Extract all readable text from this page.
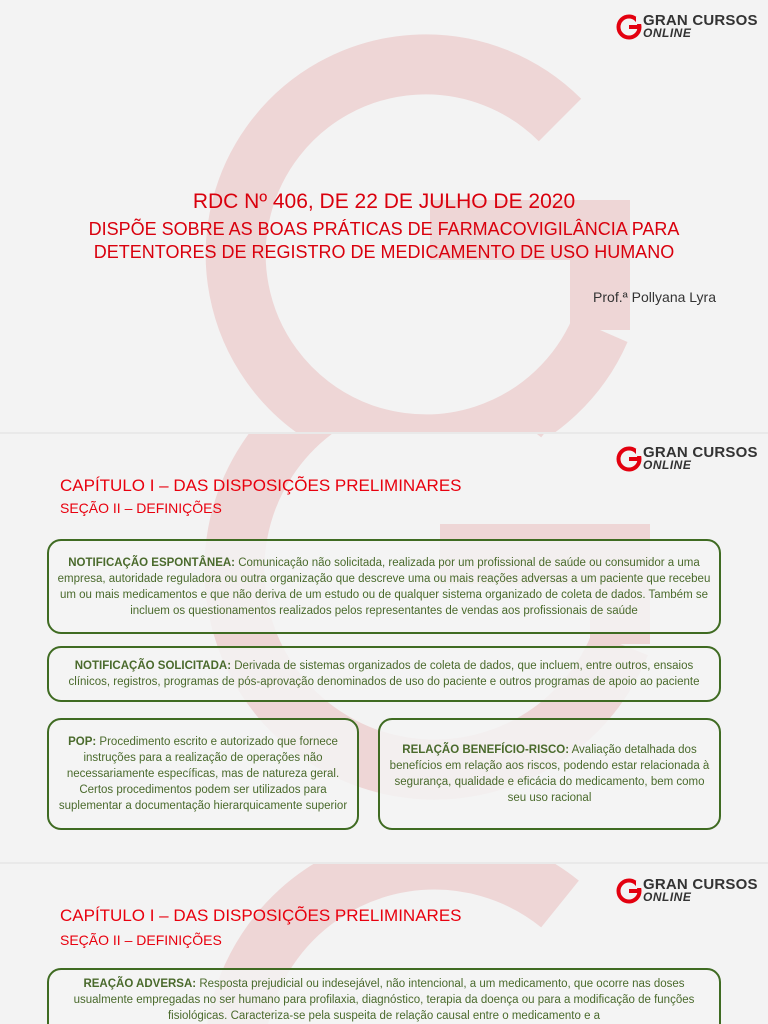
GRAN CURSOS
ONLINE
RDC Nº 406, DE 22 DE JULHO DE 2020
DISPÕE SOBRE AS BOAS PRÁTICAS DE FARMACOVIGILÂNCIA PARA DETENTORES DE REGISTRO DE MEDICAMENTO DE USO HUMANO
Prof.ª Pollyana Lyra
GRAN CURSOS
ONLINE
CAPÍTULO I – DAS DISPOSIÇÕES PRELIMINARES
SEÇÃO II – DEFINIÇÕES
NOTIFICAÇÃO ESPONTÂNEA: Comunicação não solicitada, realizada por um profissional de saúde ou consumidor a uma empresa, autoridade reguladora ou outra organização que descreve uma ou mais reações adversas a um paciente que recebeu um ou mais medicamentos e que não deriva de um estudo ou de qualquer sistema organizado de coleta de dados. Também se incluem os questionamentos realizados pelos representantes de vendas aos profissionais de saúde
NOTIFICAÇÃO SOLICITADA: Derivada de sistemas organizados de coleta de dados, que incluem, entre outros, ensaios clínicos, registros, programas de pós-aprovação denominados de uso do paciente e outros programas de apoio ao paciente
POP: Procedimento escrito e autorizado que fornece instruções para a realização de operações não necessariamente específicas, mas de natureza geral. Certos procedimentos podem ser utilizados para suplementar a documentação hierarquicamente superior
RELAÇÃO BENEFÍCIO-RISCO: Avaliação detalhada dos benefícios em relação aos riscos, podendo estar relacionada à segurança, qualidade e eficácia do medicamento, bem como seu uso racional
GRAN CURSOS
ONLINE
CAPÍTULO I – DAS DISPOSIÇÕES PRELIMINARES
SEÇÃO II – DEFINIÇÕES
REAÇÃO ADVERSA: Resposta prejudicial ou indesejável, não intencional, a um medicamento, que ocorre nas doses usualmente empregadas no ser humano para profilaxia, diagnóstico, terapia da doença ou para a modificação de funções fisiológicas. Caracteriza-se pela suspeita de relação causal entre o medicamento e a
